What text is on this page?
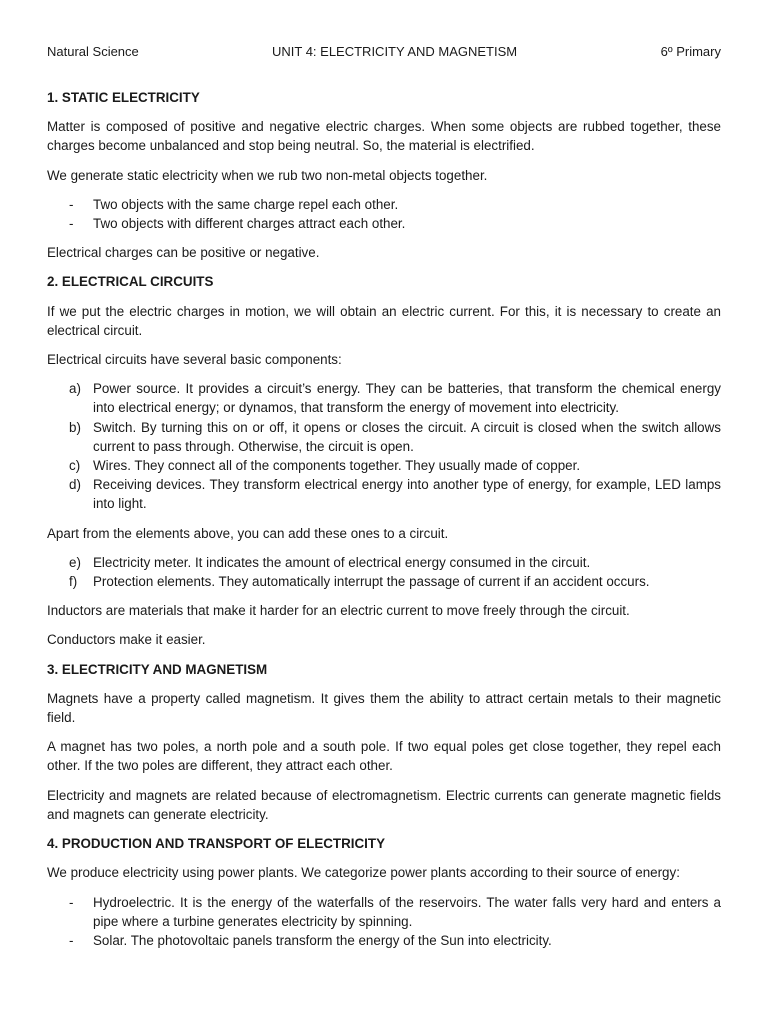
Natural Science	UNIT 4: ELECTRICITY AND MAGNETISM	6º Primary
1. STATIC ELECTRICITY

Matter is composed of positive and negative electric charges. When some objects are rubbed together, these charges become unbalanced and stop being neutral. So, the material is electrified.

We generate static electricity when we rub two non-metal objects together.

- Two objects with the same charge repel each other.
- Two objects with different charges attract each other.

Electrical charges can be positive or negative.

2. ELECTRICAL CIRCUITS

If we put the electric charges in motion, we will obtain an electric current. For this, it is necessary to create an electrical circuit.

Electrical circuits have several basic components:

a) Power source. It provides a circuit’s energy. They can be batteries, that transform the chemical energy into electrical energy; or dynamos, that transform the energy of movement into electricity.
b) Switch. By turning this on or off, it opens or closes the circuit. A circuit is closed when the switch allows current to pass through. Otherwise, the circuit is open.
c) Wires. They connect all of the components together. They usually made of copper.
d) Receiving devices. They transform electrical energy into another type of energy, for example, LED lamps into light.

Apart from the elements above, you can add these ones to a circuit.

e) Electricity meter. It indicates the amount of electrical energy consumed in the circuit.
f) Protection elements. They automatically interrupt the passage of current if an accident occurs.

Inductors are materials that make it harder for an electric current to move freely through the circuit.

Conductors make it easier.

3. ELECTRICITY AND MAGNETISM

Magnets have a property called magnetism. It gives them the ability to attract certain metals to their magnetic field.

A magnet has two poles, a north pole and a south pole. If two equal poles get close together, they repel each other. If the two poles are different, they attract each other.

Electricity and magnets are related because of electromagnetism. Electric currents can generate magnetic fields and magnets can generate electricity.

4. PRODUCTION AND TRANSPORT OF ELECTRICITY

We produce electricity using power plants. We categorize power plants according to their source of energy:

- Hydroelectric. It is the energy of the waterfalls of the reservoirs. The water falls very hard and enters a pipe where a turbine generates electricity by spinning.
- Solar. The photovoltaic panels transform the energy of the Sun into electricity.
